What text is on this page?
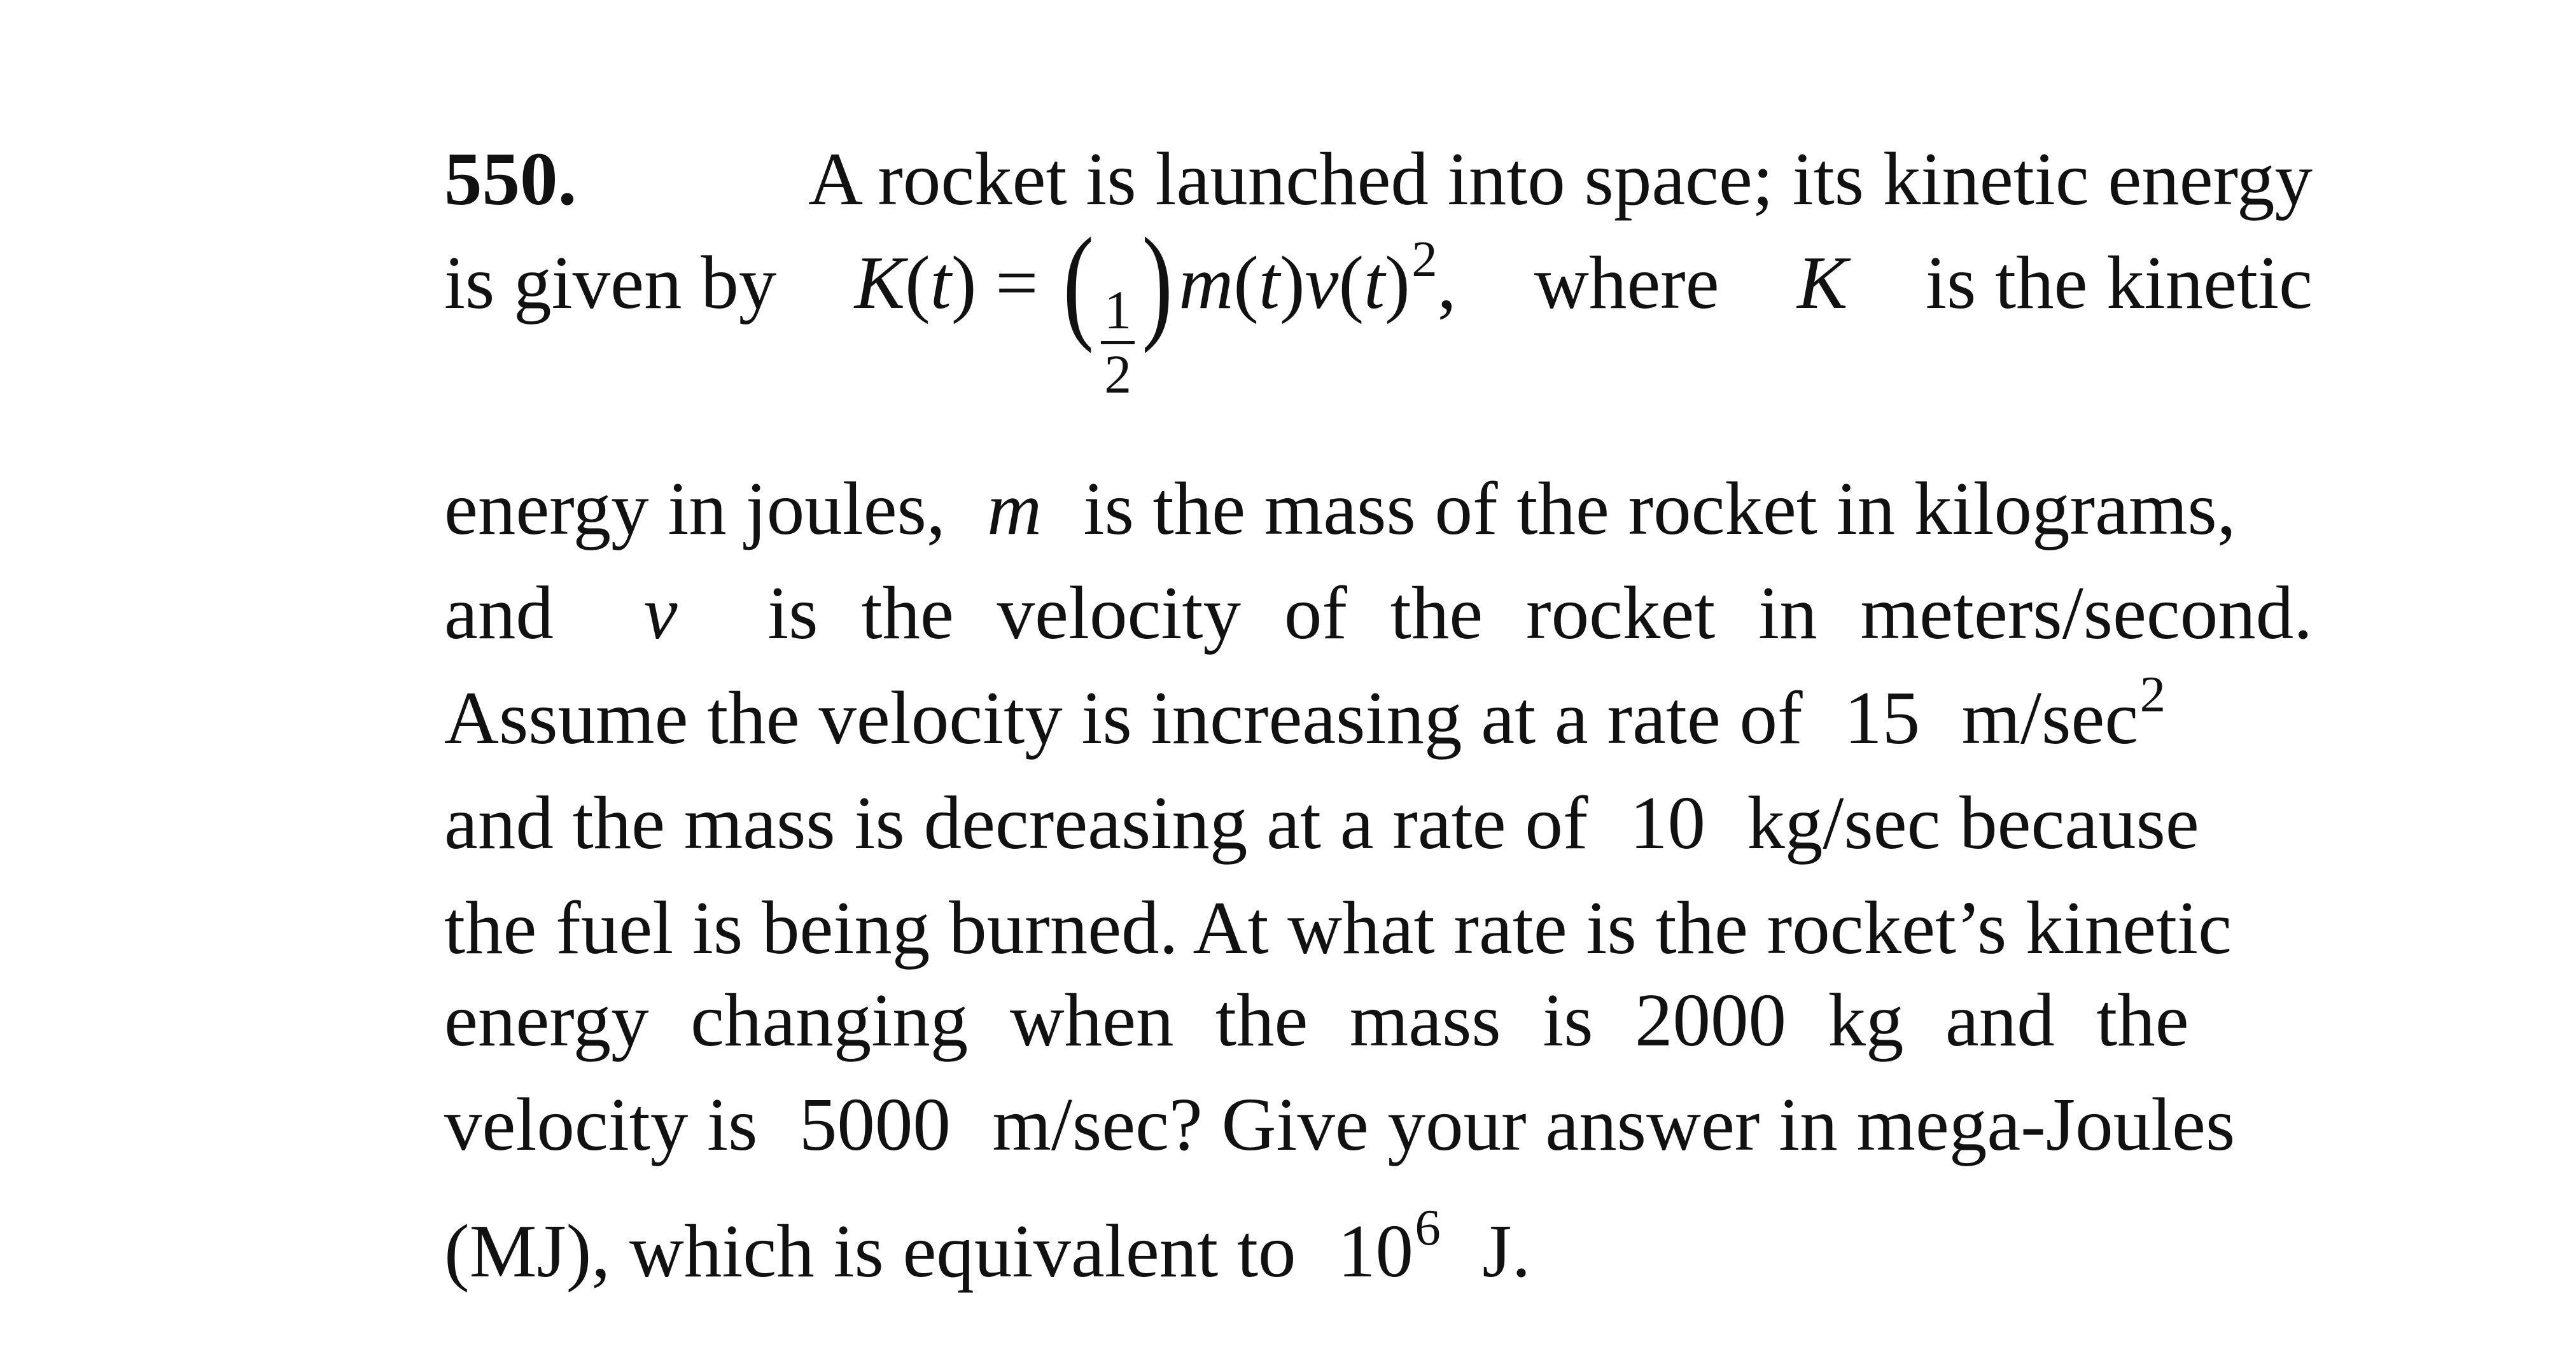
550.	A rocket is launched into space; its kinetic energy
is given by K ( t ) = ( 1
2
) m ( t ) v ( t ) 2 , where K is the kinetic
energy in joules, m is the mass of the rocket in kilograms,
and v is the velocity of the rocket in meters/second.
Assume the velocity is increasing at a rate of 15 m/sec 2
and the mass is decreasing at a rate of 10 kg/sec because
the fuel is being burned. At what rate is the rocket’s kinetic
energy changing when the mass is 2000 kg and the
velocity is 5000 m/sec? Give your answer in mega-Joules
(MJ), which is equivalent to 10 6 J.
